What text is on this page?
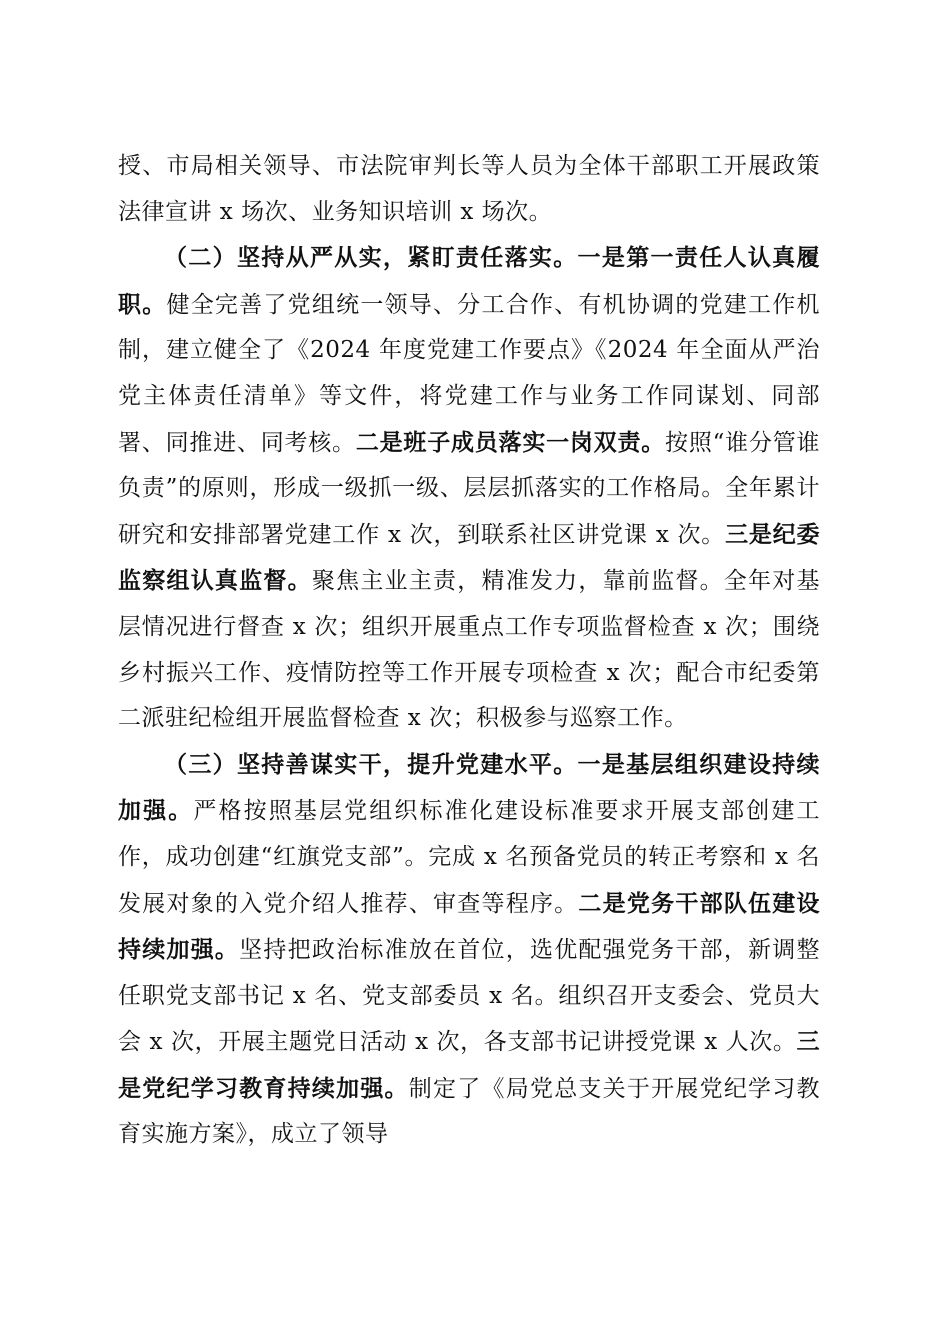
授、市局相关领导、市法院审判长等人员为全体干部职工开展政策法律宣讲 x 场次、业务知识培训 x 场次。

（二）坚持从严从实，紧盯责任落实。一是第一责任人认真履职。健全完善了党组统一领导、分工合作、有机协调的党建工作机制，建立健全了《2024 年度党建工作要点》《2024 年全面从严治党主体责任清单》等文件，将党建工作与业务工作同谋划、同部署、同推进、同考核。二是班子成员落实一岗双责。按照“谁分管谁负责”的原则，形成一级抓一级、层层抓落实的工作格局。全年累计研究和安排部署党建工作 x 次，到联系社区讲党课 x 次。三是纪委监察组认真监督。聚焦主业主责，精准发力，靠前监督。全年对基层情况进行督查 x 次；组织开展重点工作专项监督检查 x 次；围绕乡村振兴工作、疫情防控等工作开展专项检查 x 次；配合市纪委第二派驻纪检组开展监督检查 x 次；积极参与巡察工作。

（三）坚持善谋实干，提升党建水平。一是基层组织建设持续加强。严格按照基层党组织标准化建设标准要求开展支部创建工作，成功创建“红旗党支部”。完成 x 名预备党员的转正考察和 x 名发展对象的入党介绍人推荐、审查等程序。二是党务干部队伍建设持续加强。坚持把政治标准放在首位，选优配强党务干部，新调整任职党支部书记 x 名、党支部委员 x 名。组织召开支委会、党员大会 x 次，开展主题党日活动 x 次，各支部书记讲授党课 x 人次。三是党纪学习教育持续加强。制定了《局党总支关于开展党纪学习教育实施方案》，成立了领导
